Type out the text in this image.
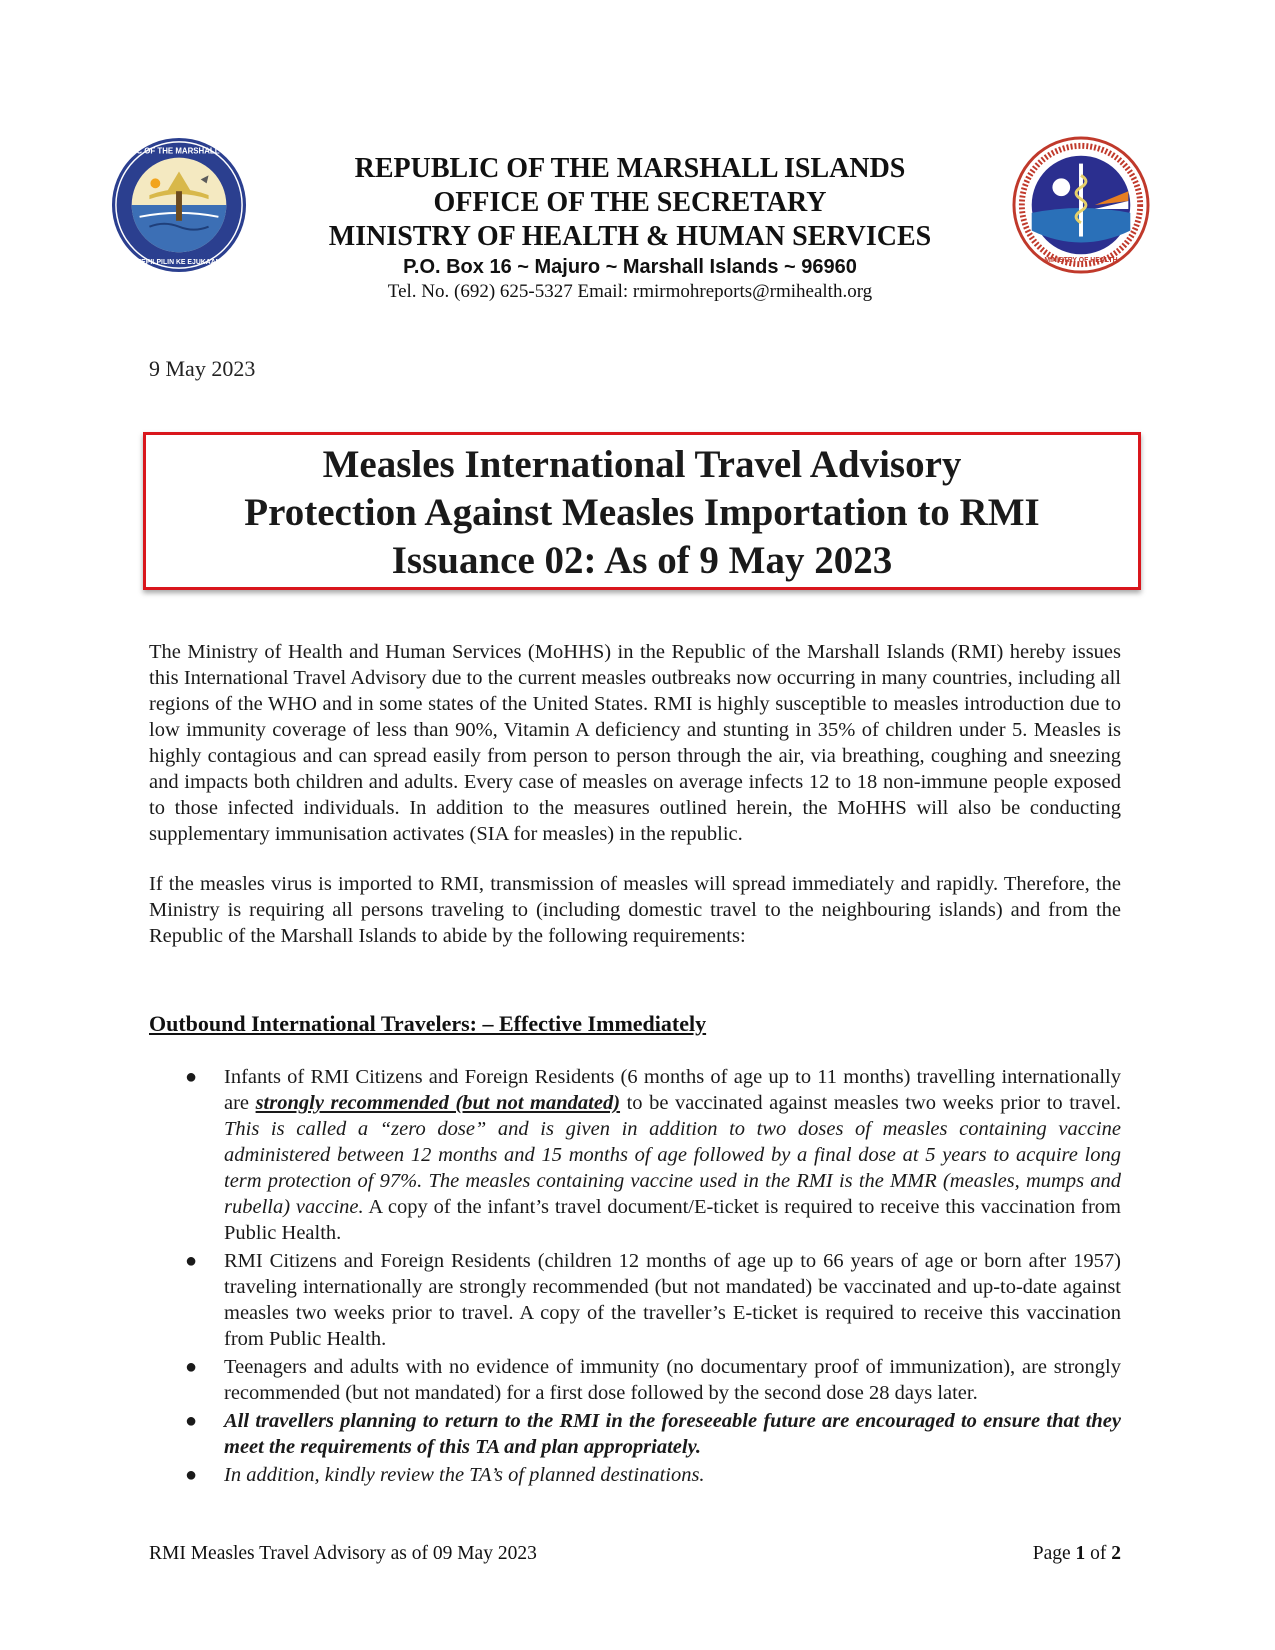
REPUBLIC OF THE MARSHALL ISLANDS
JEPILPILIN KE EJUKAAN	MINISTRY OF HEALTH
REPUBLIC OF THE MARSHALL ISLANDS
OFFICE OF THE SECRETARY
MINISTRY OF HEALTH & HUMAN SERVICES
P.O. Box 16 ~ Majuro ~ Marshall Islands ~ 96960
Tel. No. (692) 625-5327 Email: rmirmohreports@rmihealth.org
9 May 2023
Measles International Travel Advisory
Protection Against Measles Importation to RMI
Issuance 02: As of 9 May 2023

The Ministry of Health and Human Services (MoHHS) in the Republic of the Marshall Islands (RMI) hereby issues this International Travel Advisory due to the current measles outbreaks now occurring in many countries, including all regions of the WHO and in some states of the United States. RMI is highly susceptible to measles introduction due to low immunity coverage of less than 90%, Vitamin A deficiency and stunting in 35% of children under 5. Measles is highly contagious and can spread easily from person to person through the air, via breathing, coughing and sneezing and impacts both children and adults. Every case of measles on average infects 12 to 18 non-immune people exposed to those infected individuals. In addition to the measures outlined herein, the MoHHS will also be conducting supplementary immunisation activates (SIA for measles) in the republic.

If the measles virus is imported to RMI, transmission of measles will spread immediately and rapidly. Therefore, the Ministry is requiring all persons traveling to (including domestic travel to the neighbouring islands) and from the Republic of the Marshall Islands to abide by the following requirements:

Outbound International Travelers: – Effective Immediately
● Infants of RMI Citizens and Foreign Residents (6 months of age up to 11 months) travelling internationally are strongly recommended (but not mandated) to be vaccinated against measles two weeks prior to travel. This is called a “zero dose” and is given in addition to two doses of measles containing vaccine administered between 12 months and 15 months of age followed by a final dose at 5 years to acquire long term protection of 97%. The measles containing vaccine used in the RMI is the MMR (measles, mumps and rubella) vaccine. A copy of the infant’s travel document/E-ticket is required to receive this vaccination from Public Health.
● RMI Citizens and Foreign Residents (children 12 months of age up to 66 years of age or born after 1957) traveling internationally are strongly recommended (but not mandated) be vaccinated and up-to-date against measles two weeks prior to travel. A copy of the traveller’s E-ticket is required to receive this vaccination from Public Health.
● Teenagers and adults with no evidence of immunity (no documentary proof of immunization), are strongly recommended (but not mandated) for a first dose followed by the second dose 28 days later.
● All travellers planning to return to the RMI in the foreseeable future are encouraged to ensure that they meet the requirements of this TA and plan appropriately.
● In addition, kindly review the TA’s of planned destinations.
RMI Measles Travel Advisory as of 09 May 2023	Page 1 of 2
